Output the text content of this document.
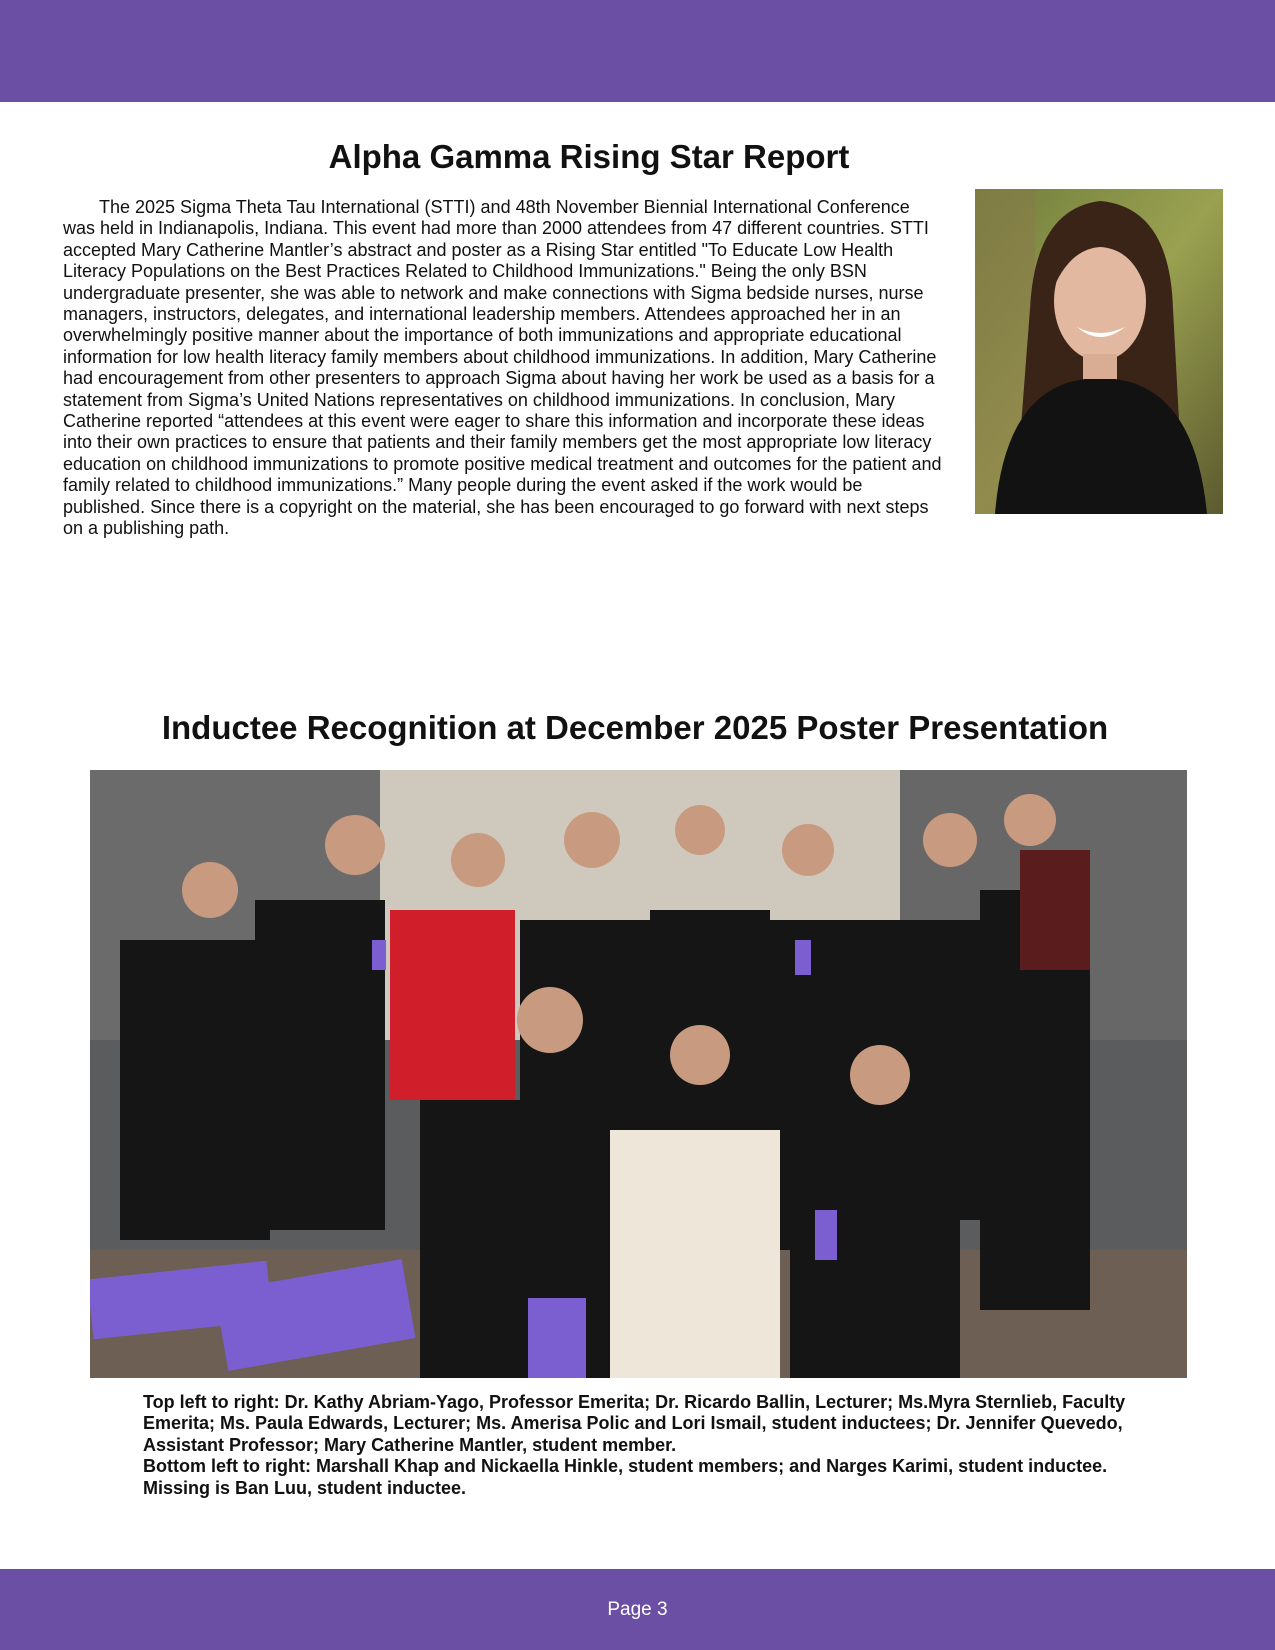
Alpha Gamma Rising Star Report

The 2025 Sigma Theta Tau International (STTI) and 48th November Biennial International Conference was held in Indianapolis, Indiana. This event had more than 2000 attendees from 47 different countries. STTI accepted Mary Catherine Mantler’s abstract and poster as a Rising Star entitled "To Educate Low Health Literacy Populations on the Best Practices Related to Childhood Immunizations." Being the only BSN undergraduate presenter, she was able to network and make connections with Sigma bedside nurses, nurse managers, instructors, delegates, and international leadership members. Attendees approached her in an overwhelmingly positive manner about the importance of both immunizations and appropriate educational information for low health literacy family members about childhood immunizations. In addition, Mary Catherine had encouragement from other presenters to approach Sigma about having her work be used as a basis for a statement from Sigma’s United Nations representatives on childhood immunizations. In conclusion, Mary Catherine reported “attendees at this event were eager to share this information and incorporate these ideas into their own practices to ensure that patients and their family members get the most appropriate low literacy education on childhood immunizations to promote positive medical treatment and outcomes for the patient and family related to childhood immunizations.” Many people during the event asked if the work would be published. Since there is a copyright on the material, she has been encouraged to go forward with next steps on a publishing path.

Inductee Recognition at December 2025 Poster Presentation
Top left to right: Dr. Kathy Abriam-Yago, Professor Emerita; Dr. Ricardo Ballin, Lecturer; Ms.Myra Sternlieb, Faculty Emerita; Ms. Paula Edwards, Lecturer; Ms. Amerisa Polic and Lori Ismail, student inductees; Dr. Jennifer Quevedo, Assistant Professor; Mary Catherine Mantler, student member.
Bottom left to right: Marshall Khap and Nickaella Hinkle, student members; and Narges Karimi, student inductee.
Missing is Ban Luu, student inductee.
Page 3
